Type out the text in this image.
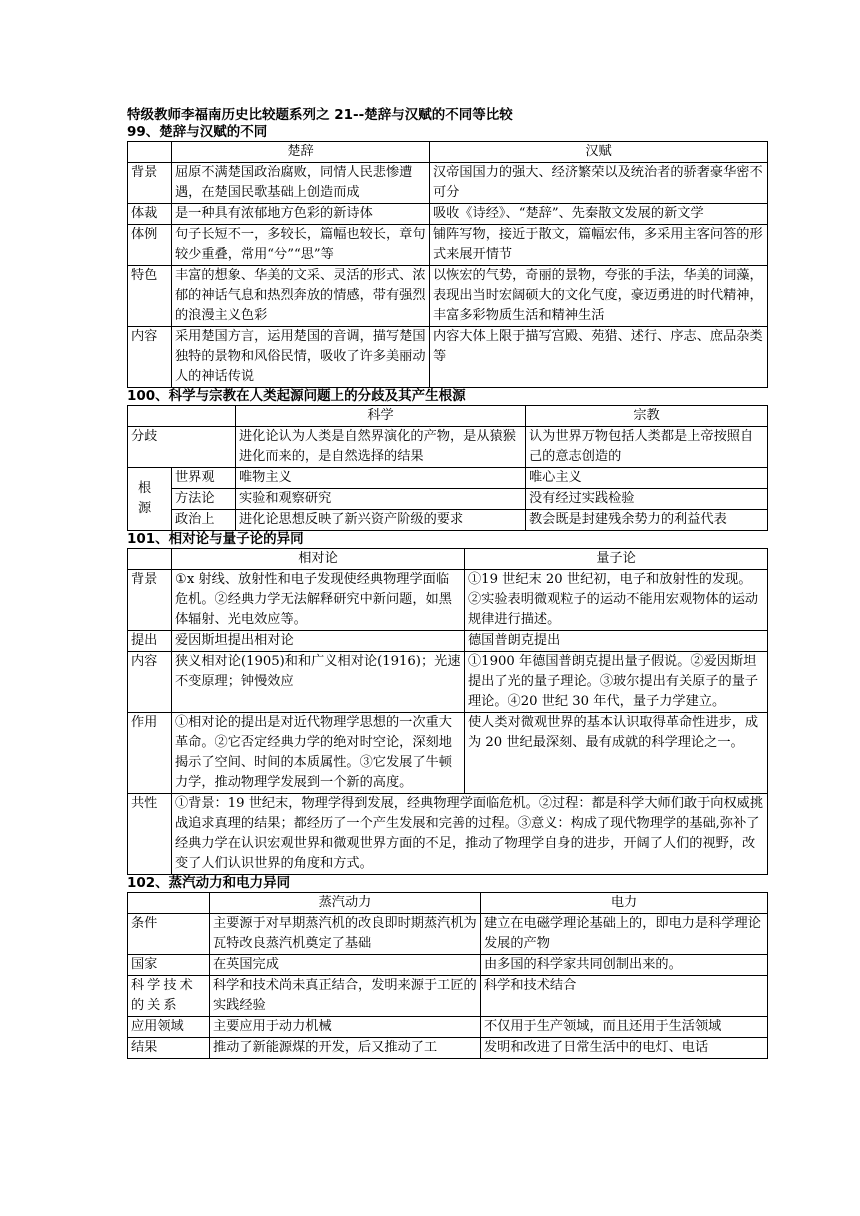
特级教师李福南历史比较题系列之 21--楚辞与汉赋的不同等比较
99、楚辞与汉赋的不同
	楚辞	汉赋
背景	屈原不满楚国政治腐败，同情人民悲惨遭遇，在楚国民歌基础上创造而成	汉帝国国力的强大、经济繁荣以及统治者的骄奢豪华密不可分
体裁	是一种具有浓郁地方色彩的新诗体	吸收《诗经》、“楚辞”、先秦散文发展的新文学
体例	句子长短不一，多较长，篇幅也较长，章句较少重叠，常用“兮”“思”等	铺阵写物，接近于散文，篇幅宏伟，多采用主客问答的形式来展开情节
特色	丰富的想象、华美的文采、灵活的形式、浓郁的神话气息和热烈奔放的情感，带有强烈的浪漫主义色彩	以恢宏的气势，奇丽的景物，夸张的手法，华美的词藻，表现出当时宏阔硕大的文化气度，豪迈勇进的时代精神，丰富多彩物质生活和精神生活
内容	采用楚国方言，运用楚国的音调，描写楚国独特的景物和风俗民情，吸收了许多美丽动人的神话传说	内容大体上限于描写宫殿、苑猎、述行、序志、庶品杂类等
100、科学与宗教在人类起源问题上的分歧及其产生根源
		科学	宗教
分歧		进化论认为人类是自然界演化的产物，是从猿猴进化而来的，是自然选择的结果	认为世界万物包括人类都是上帝按照自己的意志创造的
根源	世界观	唯物主义	唯心主义
	方法论	实验和观察研究	没有经过实践检验
	政治上	进化论思想反映了新兴资产阶级的要求	教会既是封建残余势力的利益代表
101、相对论与量子论的异同
	相对论	量子论
背景	①x 射线、放射性和电子发现使经典物理学面临危机。②经典力学无法解释研究中新问题，如黑体辐射、光电效应等。	①19 世纪末 20 世纪初，电子和放射性的发现。②实验表明微观粒子的运动不能用宏观物体的运动规律进行描述。
提出	爱因斯坦提出相对论	德国普朗克提出
内容	狭义相对论(1905)和和广义相对论(1916)；光速不变原理；钟慢效应	①1900 年德国普朗克提出量子假说。②爱因斯坦提出了光的量子理论。③玻尔提出有关原子的量子理论。④20 世纪 30 年代，量子力学建立。
作用	①相对论的提出是对近代物理学思想的一次重大革命。②它否定经典力学的绝对时空论，深刻地揭示了空间、时间的本质属性。③它发展了牛顿力学，推动物理学发展到一个新的高度。	使人类对微观世界的基本认识取得革命性进步，成为 20 世纪最深刻、最有成就的科学理论之一。
共性	①背景：19 世纪末，物理学得到发展，经典物理学面临危机。②过程：都是科学大师们敢于向权威挑战追求真理的结果；都经历了一个产生发展和完善的过程。③意义：构成了现代物理学的基础,弥补了经典力学在认识宏观世界和微观世界方面的不足，推动了物理学自身的进步，开阔了人们的视野，改变了人们认识世界的角度和方式。	
102、蒸汽动力和电力异同
	蒸汽动力	电力
条件	主要源于对早期蒸汽机的改良即时期蒸汽机为瓦特改良蒸汽机奠定了基础	建立在电磁学理论基础上的，即电力是科学理论发展的产物
国家	在英国完成	由多国的科学家共同创制出来的。
科学技术的关系	科学和技术尚未真正结合，发明来源于工匠的实践经验	科学和技术结合
应用领域	主要应用于动力机械	不仅用于生产领域，而且还用于生活领域
结果	推动了新能源煤的开发，后又推动了工	发明和改进了日常生活中的电灯、电话
